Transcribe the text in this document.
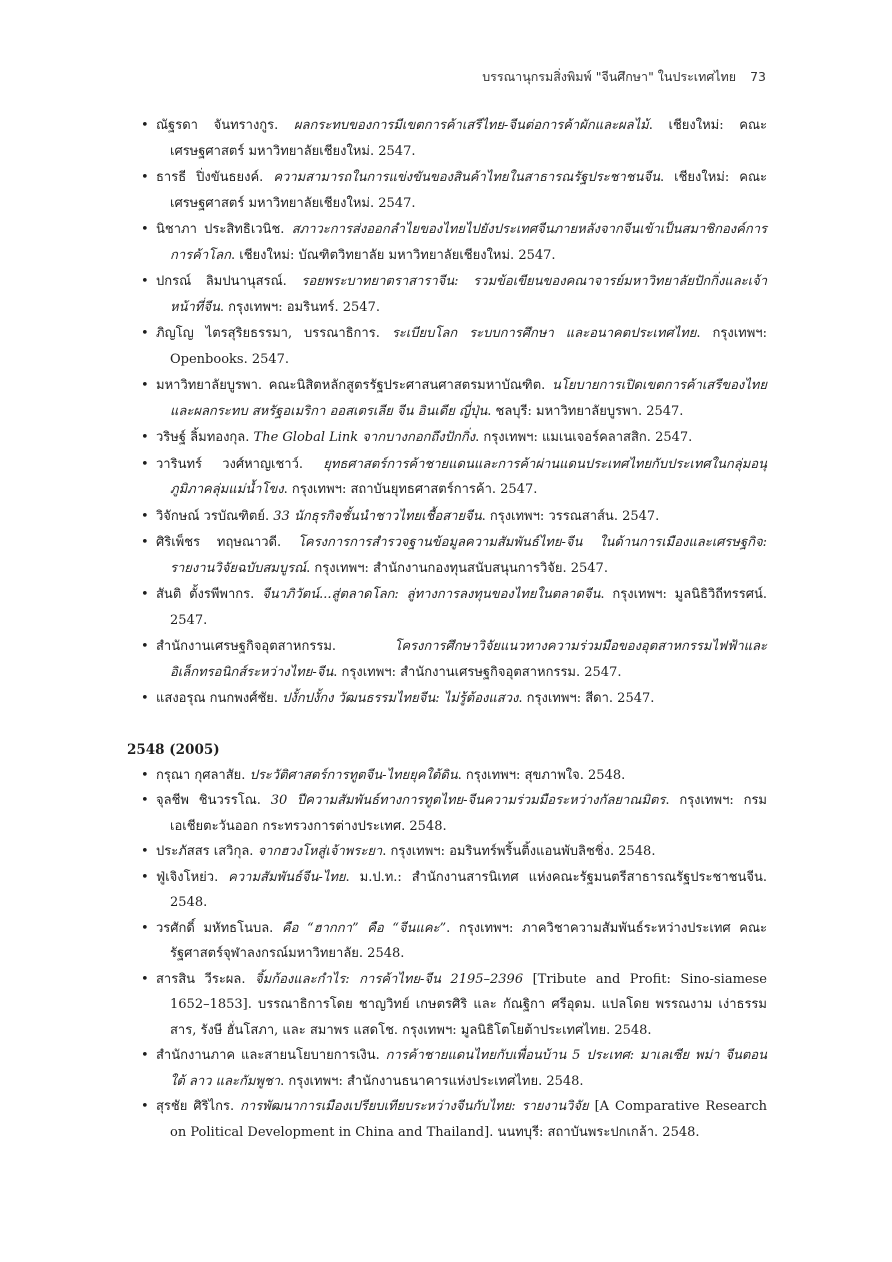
บรรณานุกรมสิ่งพิมพ์ "จีนศึกษา" ในประเทศไทย 73
• ณัฐรดา จันทรางกูร. ผลกระทบของการมีเขตการค้าเสรีไทย-จีนต่อการค้าผักและผลไม้. เชียงใหม่: คณะเศรษฐศาสตร์ มหาวิทยาลัยเชียงใหม่. 2547.
• ธารธี ปิ่งขันธยงค์. ความสามารถในการแข่งขันของสินค้าไทยในสาธารณรัฐประชาชนจีน. เชียงใหม่: คณะเศรษฐศาสตร์ มหาวิทยาลัยเชียงใหม่. 2547.
• นิชาภา ประสิทธิเวนิช. สภาวะการส่งออกลำไยของไทยไปยังประเทศจีนภายหลังจากจีนเข้าเป็นสมาชิกองค์การการค้าโลก. เชียงใหม่: บัณฑิตวิทยาลัย มหาวิทยาลัยเชียงใหม่. 2547.
• ปกรณ์ ลิมปนานุสรณ์. รอยพระบาทยาตราสาราจีน: รวมข้อเขียนของคณาจารย์มหาวิทยาลัยปักกิ่งและเจ้าหน้าที่จีน. กรุงเทพฯ: อมรินทร์. 2547.
• ภิญโญ ไตรสุริยธรรมา, บรรณาธิการ. ระเบียบโลก ระบบการศึกษา และอนาคตประเทศไทย. กรุงเทพฯ: Openbooks. 2547.
• มหาวิทยาลัยบูรพา. คณะนิสิตหลักสูตรรัฐประศาสนศาสตรมหาบัณฑิต. นโยบายการเปิดเขตการค้าเสรีของไทยและผลกระทบ สหรัฐอเมริกา ออสเตรเลีย จีน อินเดีย ญี่ปุ่น. ชลบุรี: มหาวิทยาลัยบูรพา. 2547.
• วริษฐ์ ลิ้มทองกุล. The Global Link จากบางกอกถึงปักกิ่ง. กรุงเทพฯ: แมเนเจอร์คลาสสิก. 2547.
• วารินทร์ วงศ์หาญเชาว์. ยุทธศาสตร์การค้าชายแดนและการค้าผ่านแดนประเทศไทยกับประเทศในกลุ่มอนุภูมิภาคลุ่มแม่น้ำโขง. กรุงเทพฯ: สถาบันยุทธศาสตร์การค้า. 2547.
• วิจักษณ์ วรบัณฑิตย์. 33 นักธุรกิจชั้นนำชาวไทยเชื้อสายจีน. กรุงเทพฯ: วรรณสาส์น. 2547.
• ศิริเพ็ชร ทฤษณาวดี. โครงการการสำรวจฐานข้อมูลความสัมพันธ์ไทย-จีน ในด้านการเมืองและเศรษฐกิจ: รายงานวิจัยฉบับสมบูรณ์. กรุงเทพฯ: สำนักงานกองทุนสนับสนุนการวิจัย. 2547.
• สันติ ตั้งรพีพากร. จีนาภิวัตน์...สู่ตลาดโลก: ลู่ทางการลงทุนของไทยในตลาดจีน. กรุงเทพฯ: มูลนิธิวิถีทรรศน์. 2547.
• สำนักงานเศรษฐกิจอุตสาหกรรม. โครงการศึกษาวิจัยแนวทางความร่วมมือของอุตสาหกรรมไฟฟ้าและอิเล็กทรอนิกส์ระหว่างไทย-จีน. กรุงเทพฯ: สำนักงานเศรษฐกิจอุตสาหกรรม. 2547.
• แสงอรุณ กนกพงศ์ชัย. ปงั้กปงั้กง วัฒนธรรมไทยจีน: ไม่รู้ต้องแสวง. กรุงเทพฯ: สีดา. 2547.
2548 (2005)
• กรุณา กุศลาสัย. ประวัติศาสตร์การทูตจีน-ไทยยุคใต้ดิน. กรุงเทพฯ: สุขภาพใจ. 2548.
• จุลชีพ ชินวรรโณ. 30 ปีความสัมพันธ์ทางการทูตไทย-จีนความร่วมมือระหว่างกัลยาณมิตร. กรุงเทพฯ: กรมเอเชียตะวันออก กระทรวงการต่างประเทศ. 2548.
• ประภัสสร เสวิกุล. จากฮวงโหสู่เจ้าพระยา. กรุงเทพฯ: อมรินทร์พริ้นติ้งแอนพับลิชชิ่ง. 2548.
• ฟู่เจิงโหย่ว. ความสัมพันธ์จีน-ไทย. ม.ป.ท.: สำนักงานสารนิเทศ แห่งคณะรัฐมนตรีสาธารณรัฐประชาชนจีน. 2548.
• วรศักดิ์ มหัทธโนบล. คือ “ฮากกา” คือ “จีนแคะ”. กรุงเทพฯ: ภาควิชาความสัมพันธ์ระหว่างประเทศ คณะรัฐศาสตร์จุฬาลงกรณ์มหาวิทยาลัย. 2548.
• สารสิน วีระผล. จิ้มก้องและกำไร: การค้าไทย-จีน 2195–2396 [Tribute and Profit: Sino-siamese 1652–1853]. บรรณาธิการโดย ชาญวิทย์ เกษตรศิริ และ กัณฐิกา ศรีอุดม. แปลโดย พรรณงาม เง่าธรรมสาร, รังษี ฮั่นโสภา, และ สมาพร แสดโช. กรุงเทพฯ: มูลนิธิโตโยต้าประเทศไทย. 2548.
• สำนักงานภาค และสายนโยบายการเงิน. การค้าชายแดนไทยกับเพื่อนบ้าน 5 ประเทศ: มาเลเซีย พม่า จีนตอนใต้ ลาว และกัมพูชา. กรุงเทพฯ: สำนักงานธนาคารแห่งประเทศไทย. 2548.
• สุรชัย ศิริไกร. การพัฒนาการเมืองเปรียบเทียบระหว่างจีนกับไทย: รายงานวิจัย [A Comparative Research on Political Development in China and Thailand]. นนทบุรี: สถาบันพระปกเกล้า. 2548.
